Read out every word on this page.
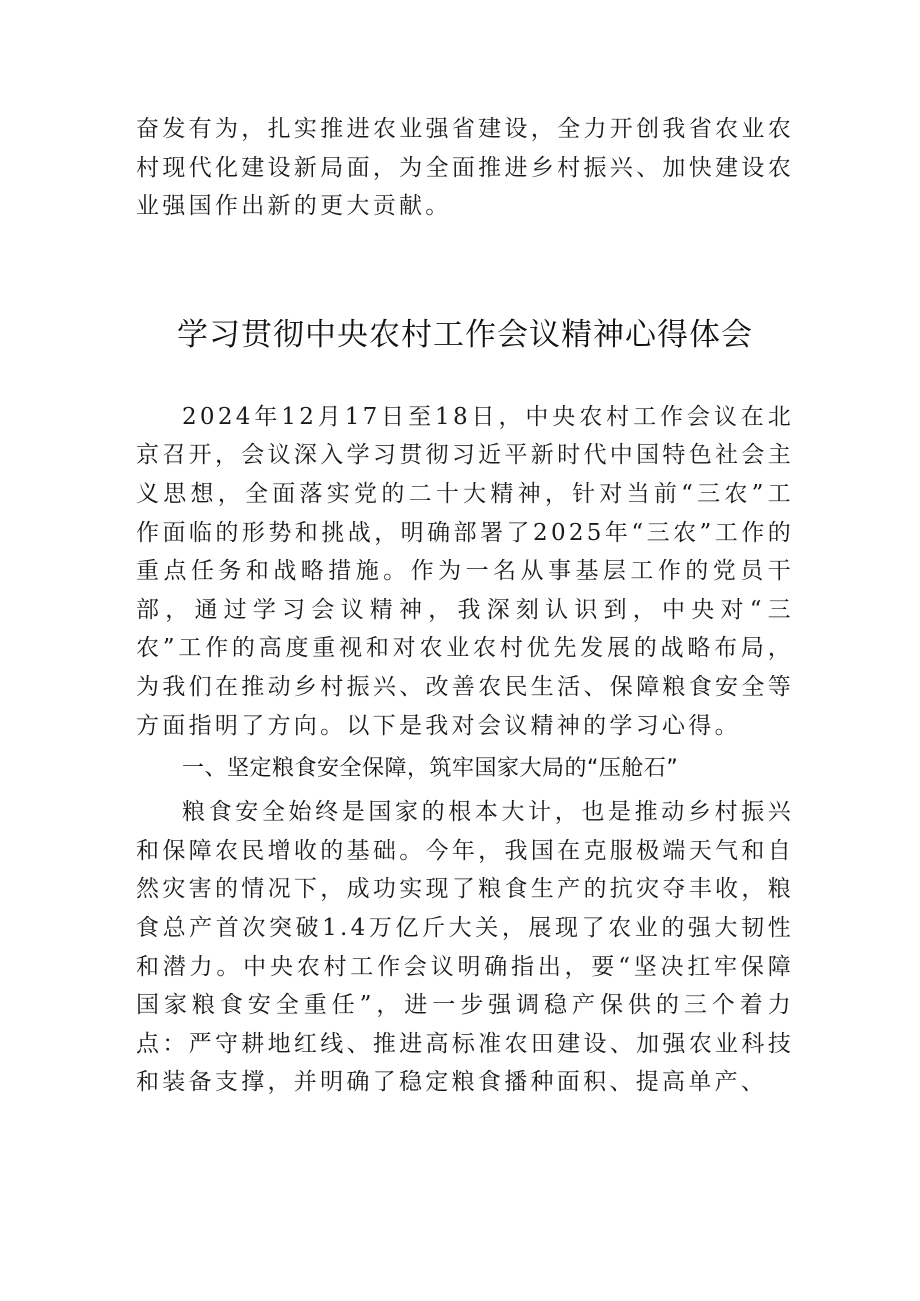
奋发有为，扎实推进农业强省建设，全力开创我省农业农村现代化建设新局面，为全面推进乡村振兴、加快建设农业强国作出新的更大贡献。

学习贯彻中央农村工作会议精神心得体会

2024年12月17日至18日，中央农村工作会议在北京召开，会议深入学习贯彻习近平新时代中国特色社会主义思想，全面落实党的二十大精神，针对当前“三农”工作面临的形势和挑战，明确部署了2025年“三农”工作的重点任务和战略措施。作为一名从事基层工作的党员干部，通过学习会议精神，我深刻认识到，中央对“三农”工作的高度重视和对农业农村优先发展的战略布局，为我们在推动乡村振兴、改善农民生活、保障粮食安全等方面指明了方向。以下是我对会议精神的学习心得。

一、坚定粮食安全保障，筑牢国家大局的“压舱石”

粮食安全始终是国家的根本大计，也是推动乡村振兴和保障农民增收的基础。今年，我国在克服极端天气和自然灾害的情况下，成功实现了粮食生产的抗灾夺丰收，粮食总产首次突破1.4万亿斤大关，展现了农业的强大韧性和潜力。中央农村工作会议明确指出，要“坚决扛牢保障国家粮食安全重任”，进一步强调稳产保供的三个着力点：严守耕地红线、推进高标准农田建设、加强农业科技和装备支撑，并明确了稳定粮食播种面积、提高单产、
